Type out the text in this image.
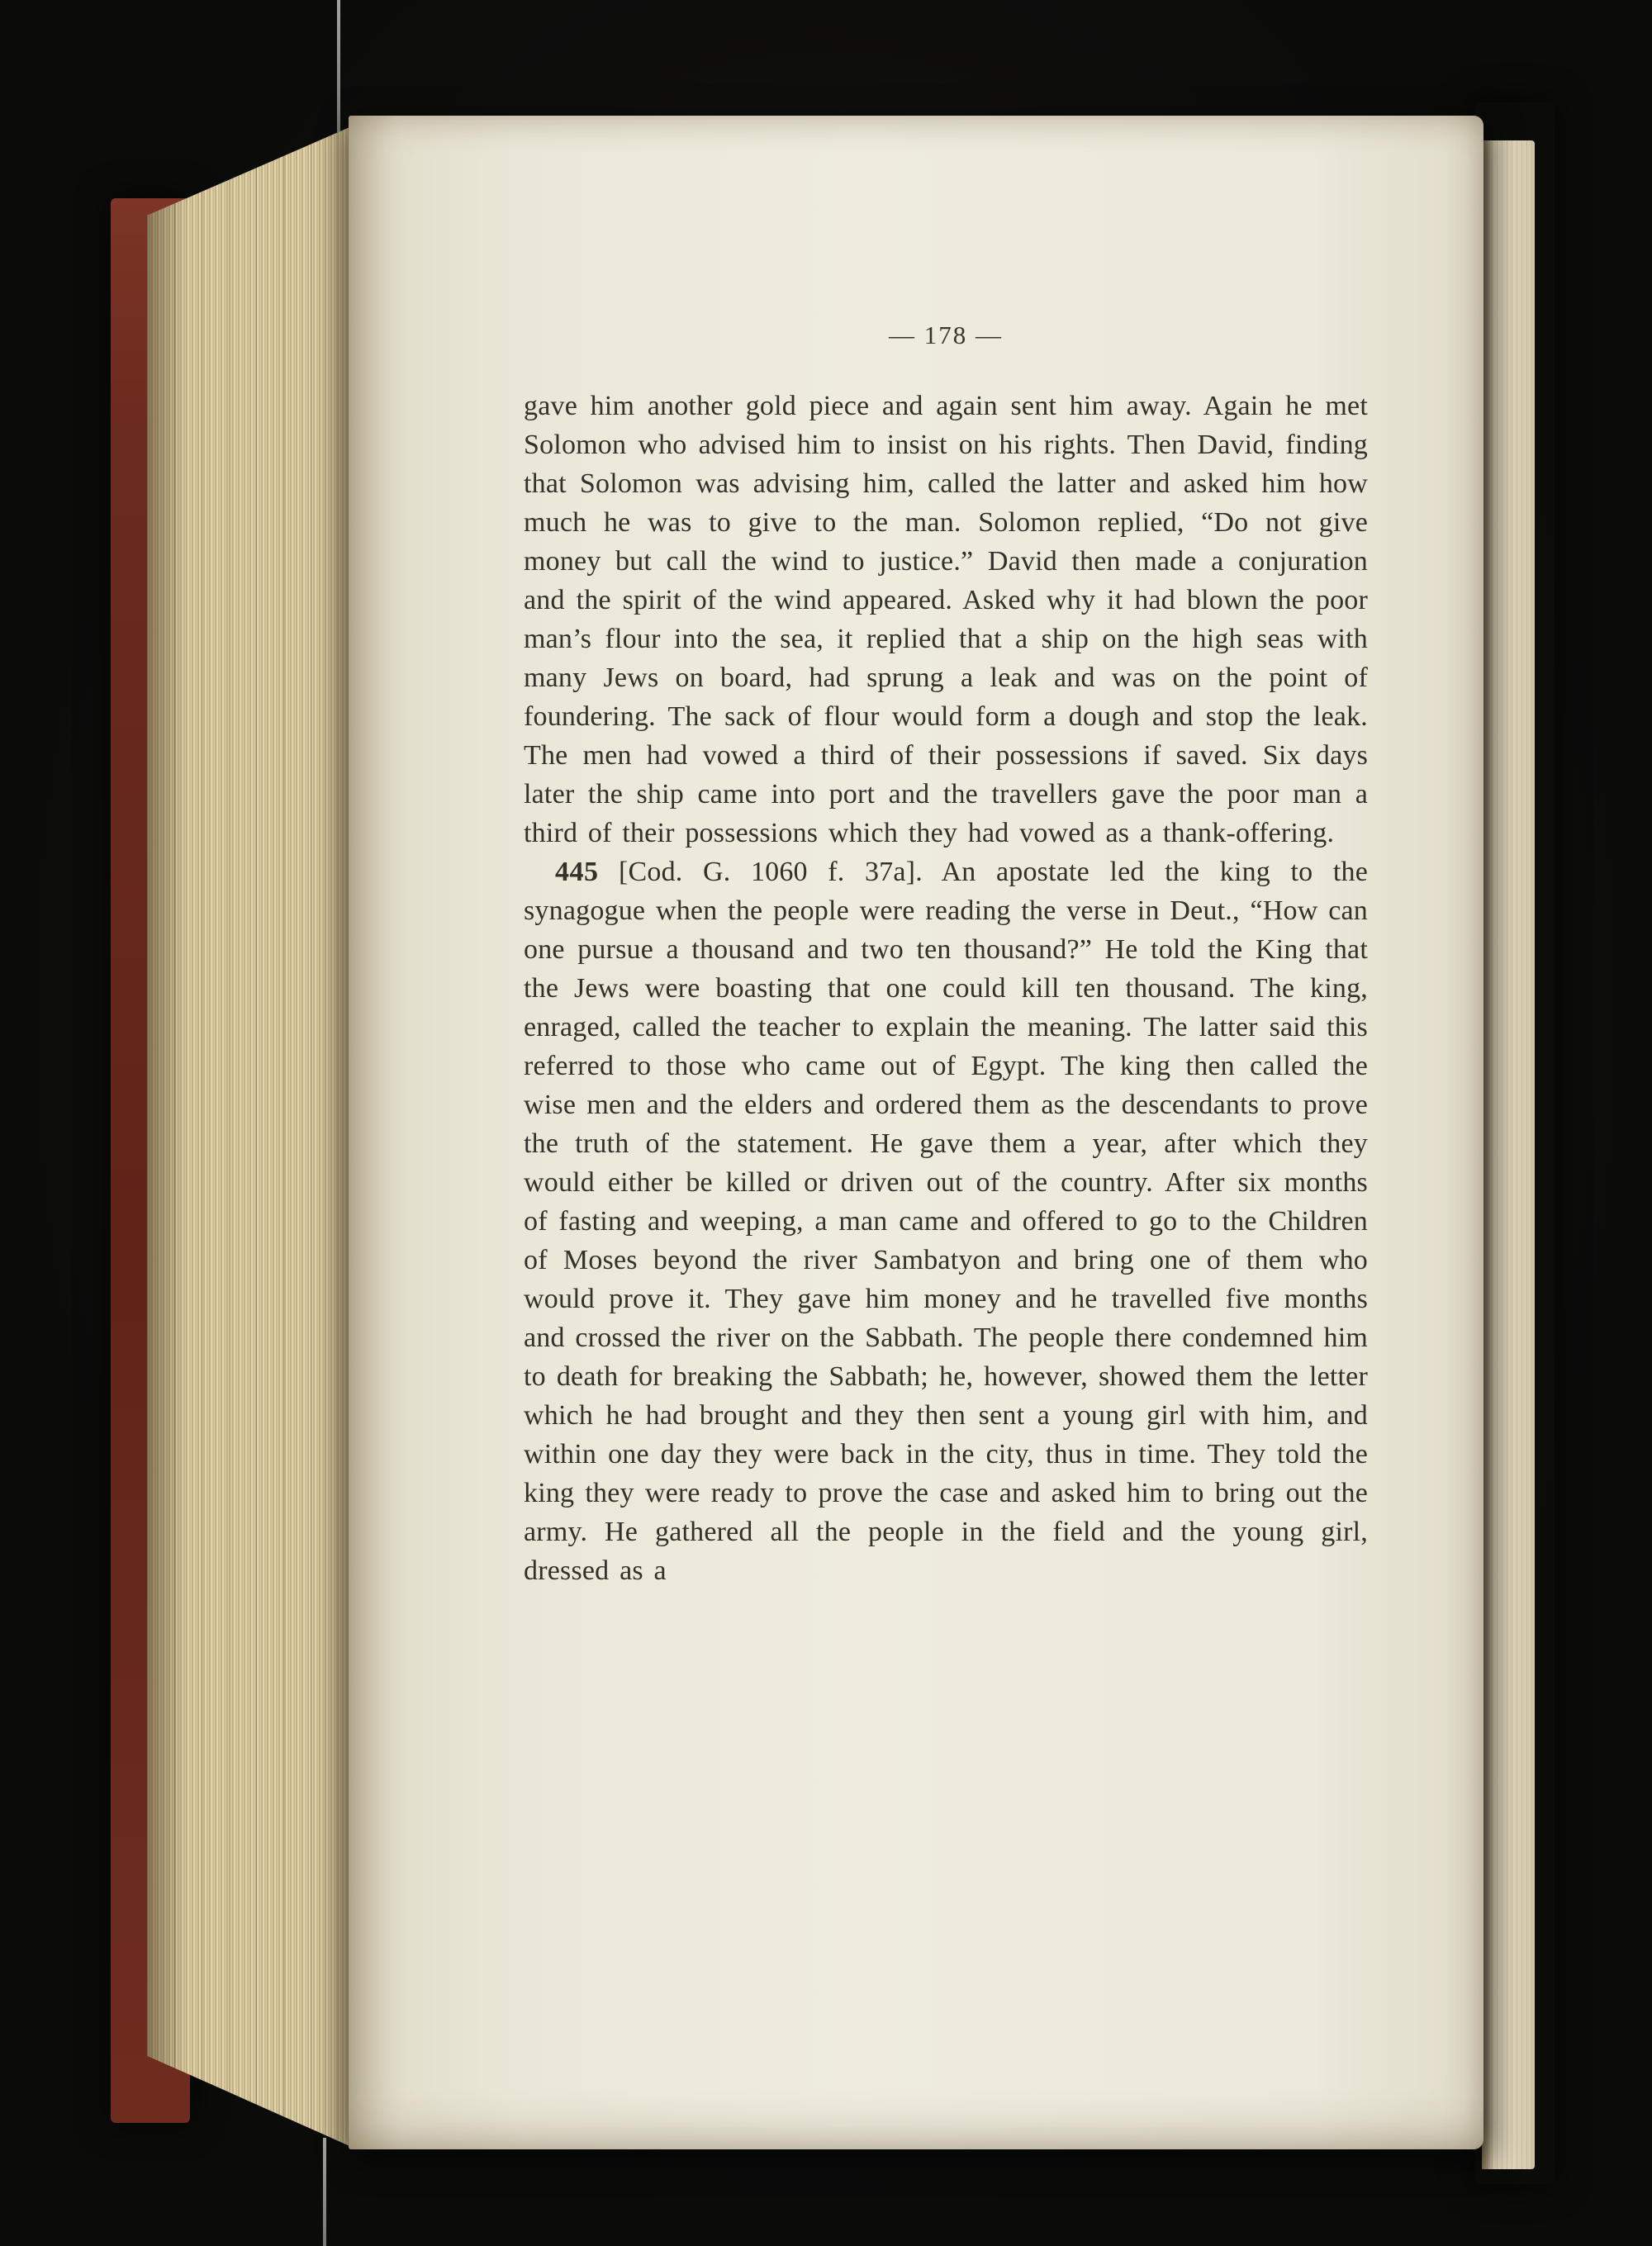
— 178 —

gave him another gold piece and again sent him away. Again he met Solomon who advised him to insist on his rights. Then David, finding that Solomon was advising him, called the latter and asked him how much he was to give to the man. Solomon replied, “Do not give money but call the wind to justice.” David then made a conjuration and the spirit of the wind appeared. Asked why it had blown the poor man’s flour into the sea, it replied that a ship on the high seas with many Jews on board, had sprung a leak and was on the point of foundering. The sack of flour would form a dough and stop the leak. The men had vowed a third of their possessions if saved. Six days later the ship came into port and the travellers gave the poor man a third of their possessions which they had vowed as a thank-offering.

445 [Cod. G. 1060 f. 37a]. An apostate led the king to the synagogue when the people were reading the verse in Deut., “How can one pursue a thousand and two ten thousand?” He told the King that the Jews were boasting that one could kill ten thousand. The king, enraged, called the teacher to explain the meaning. The latter said this referred to those who came out of Egypt. The king then called the wise men and the elders and ordered them as the descendants to prove the truth of the statement. He gave them a year, after which they would either be killed or driven out of the country. After six months of fasting and weeping, a man came and offered to go to the Children of Moses beyond the river Sambatyon and bring one of them who would prove it. They gave him money and he travelled five months and crossed the river on the Sabbath. The people there condemned him to death for breaking the Sabbath; he, however, showed them the letter which he had brought and they then sent a young girl with him, and within one day they were back in the city, thus in time. They told the king they were ready to prove the case and asked him to bring out the army. He gathered all the people in the field and the young girl, dressed as a
